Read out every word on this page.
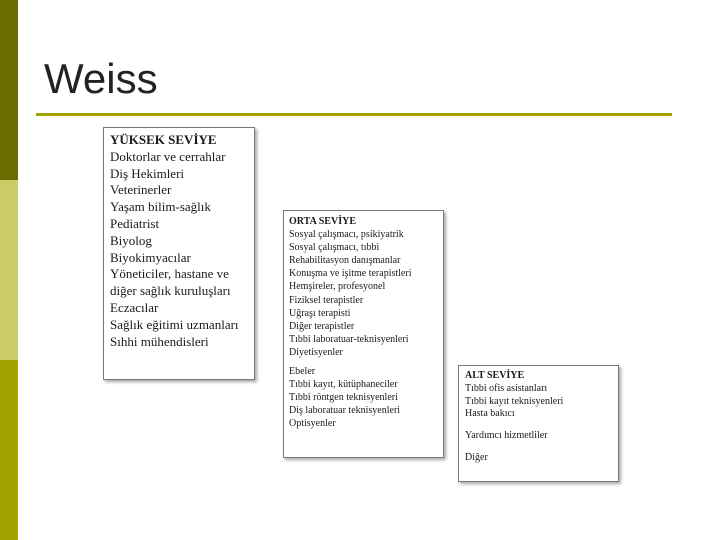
Weiss
YÜKSEK SEVİYE
Doktorlar ve cerrahlar
Diş Hekimleri
Veterinerler
Yaşam bilim-sağlık
Pediatrist
Biyolog
Biyokimyacılar
Yöneticiler, hastane ve
diğer sağlık kuruluşları
Eczacılar
Sağlık eğitimi uzmanları
Sıhhi mühendisleri
ORTA SEVİYE
Sosyal çalışmacı, psikiyatrik
Sosyal çalışmacı, tıbbi
Rehabilitasyon danışmanlar
Konuşma ve işitme terapistleri
Hemşireler, profesyonel
Fiziksel terapistler
Uğraşı terapisti
Diğer terapistler
Tıbbi laboratuar-teknisyenleri
Diyetisyenler
Ebeler
Tıbbi kayıt, kütüphaneciler
Tıbbi röntgen teknisyenleri
Diş laboratuar teknisyenleri
Optisyenler
ALT SEVİYE
Tıbbi ofis asistanları
Tıbbi kayıt teknisyenleri
Hasta bakıcı
Yardımcı hizmetliler
Diğer
